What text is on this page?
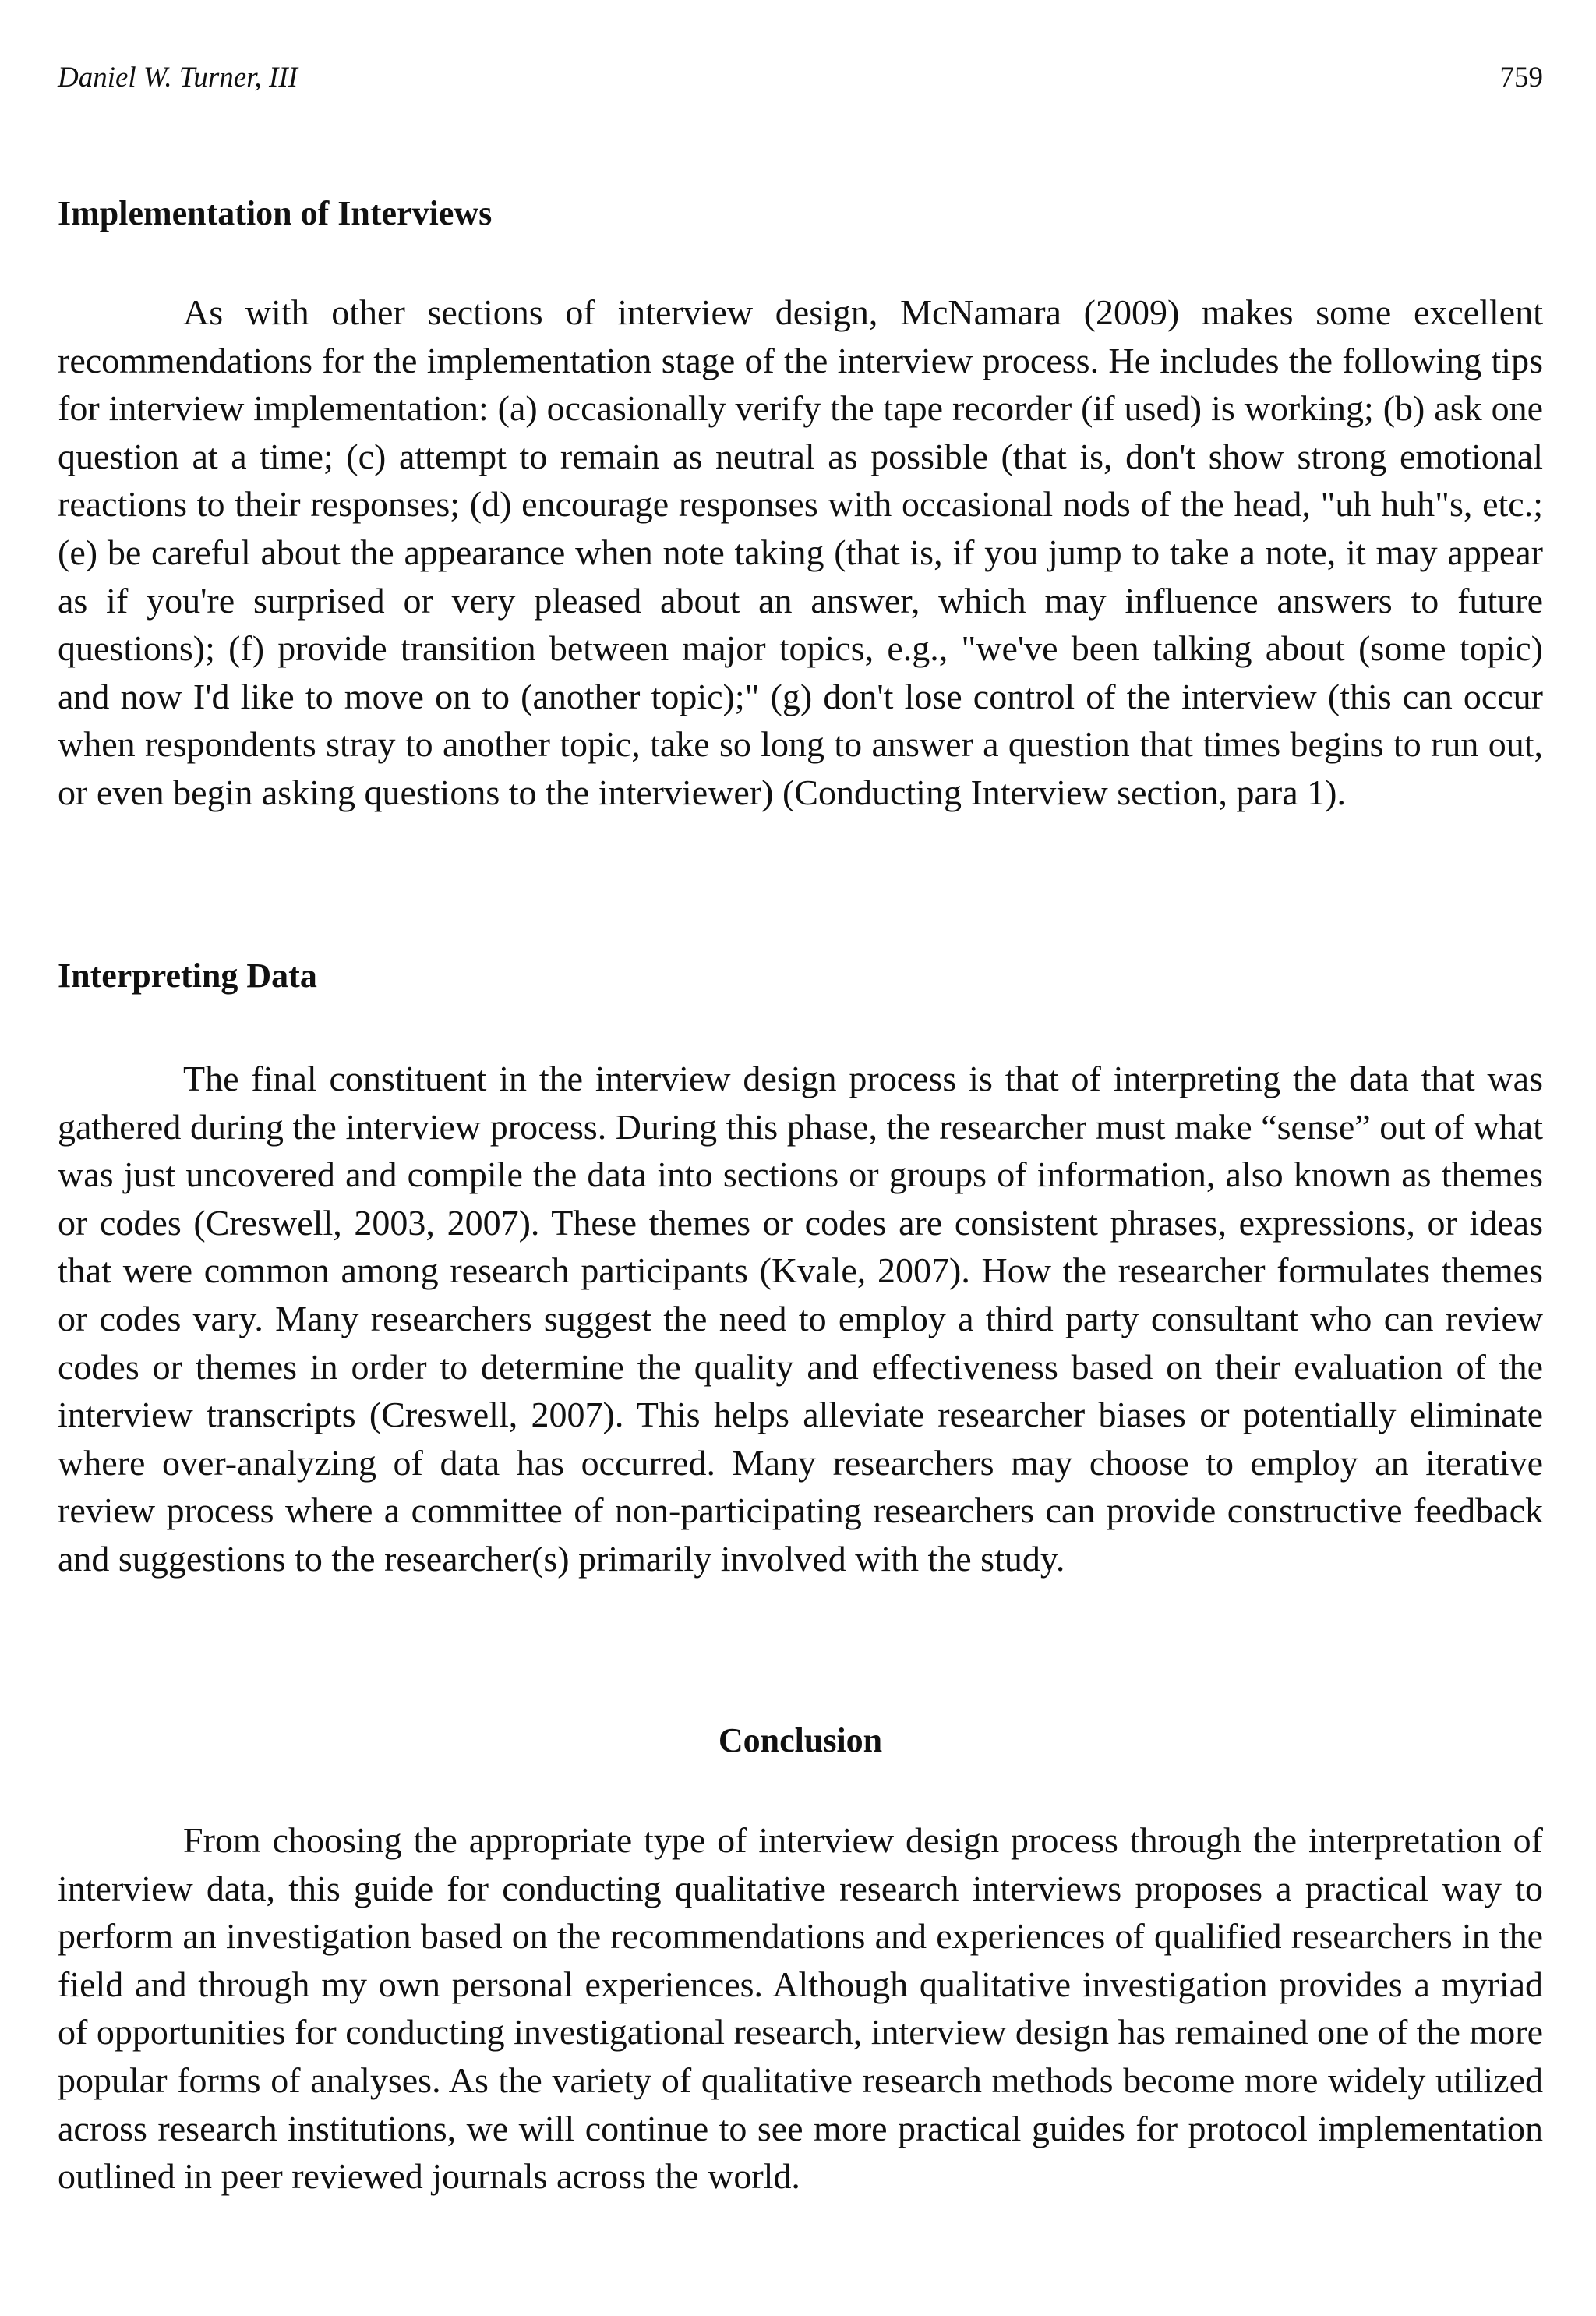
Daniel W. Turner, III	759
Implementation of Interviews

As with other sections of interview design, McNamara (2009) makes some excellent recommendations for the implementation stage of the interview process. He includes the following tips for interview implementation: (a) occasionally verify the tape recorder (if used) is working; (b) ask one question at a time; (c) attempt to remain as neutral as possible (that is, don't show strong emotional reactions to their responses; (d) encourage responses with occasional nods of the head, "uh huh"s, etc.; (e) be careful about the appearance when note taking (that is, if you jump to take a note, it may appear as if you're surprised or very pleased about an answer, which may influence answers to future questions); (f) provide transition between major topics, e.g., "we've been talking about (some topic) and now I'd like to move on to (another topic);" (g) don't lose control of the interview (this can occur when respondents stray to another topic, take so long to answer a question that times begins to run out, or even begin asking questions to the interviewer) (Conducting Interview section, para 1).

Interpreting Data

The final constituent in the interview design process is that of interpreting the data that was gathered during the interview process. During this phase, the researcher must make “sense” out of what was just uncovered and compile the data into sections or groups of information, also known as themes or codes (Creswell, 2003, 2007). These themes or codes are consistent phrases, expressions, or ideas that were common among research participants (Kvale, 2007). How the researcher formulates themes or codes vary. Many researchers suggest the need to employ a third party consultant who can review codes or themes in order to determine the quality and effectiveness based on their evaluation of the interview transcripts (Creswell, 2007). This helps alleviate researcher biases or potentially eliminate where over-analyzing of data has occurred. Many researchers may choose to employ an iterative review process where a committee of non-participating researchers can provide constructive feedback and suggestions to the researcher(s) primarily involved with the study.

Conclusion

From choosing the appropriate type of interview design process through the interpretation of interview data, this guide for conducting qualitative research interviews proposes a practical way to perform an investigation based on the recommendations and experiences of qualified researchers in the field and through my own personal experiences. Although qualitative investigation provides a myriad of opportunities for conducting investigational research, interview design has remained one of the more popular forms of analyses. As the variety of qualitative research methods become more widely utilized across research institutions, we will continue to see more practical guides for protocol implementation outlined in peer reviewed journals across the world.
